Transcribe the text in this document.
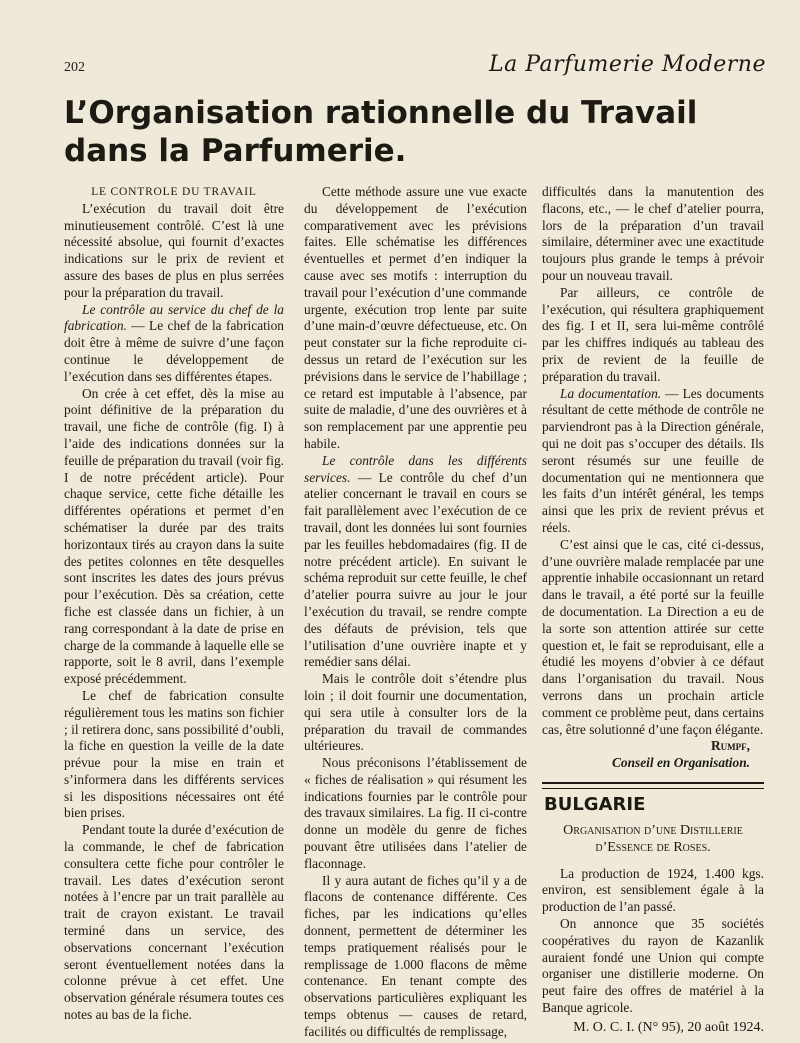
202	La Parfumerie Moderne
L’Organisation rationnelle du Travail
dans la Parfumerie.

LE CONTROLE DU TRAVAIL

L’exécution du travail doit être minutieusement contrôlé. C’est là une nécessité absolue, qui fournit d’exactes indications sur le prix de revient et assure des bases de plus en plus serrées pour la préparation du travail.

Le contrôle au service du chef de la fabrication. — Le chef de la fabrication doit être à même de suivre d’une façon continue le développement de l’exécution dans ses différentes étapes.

On crée à cet effet, dès la mise au point définitive de la préparation du travail, une fiche de contrôle (fig. I) à l’aide des indications données sur la feuille de préparation du travail (voir fig. I de notre précédent article). Pour chaque service, cette fiche détaille les différentes opérations et permet d’en schématiser la durée par des traits horizontaux tirés au crayon dans la suite des petites colonnes en tête desquelles sont inscrites les dates des jours prévus pour l’exécution. Dès sa création, cette fiche est classée dans un fichier, à un rang correspondant à la date de prise en charge de la commande à laquelle elle se rapporte, soit le 8 avril, dans l’exemple exposé précédemment.

Le chef de fabrication consulte régulièrement tous les matins son fichier ; il retirera donc, sans possibilité d’oubli, la fiche en question la veille de la date prévue pour la mise en train et s’informera dans les différents services si les dispositions nécessaires ont été bien prises.

Pendant toute la durée d’exécution de la commande, le chef de fabrication consultera cette fiche pour contrôler le travail. Les dates d’exécution seront notées à l’encre par un trait parallèle au trait de crayon existant. Le travail terminé dans un service, des observations concernant l’exécution seront éventuellement notées dans la colonne prévue à cet effet. Une observation générale résumera toutes ces notes au bas de la fiche.

Cette méthode assure une vue exacte du développement de l’exécution comparativement avec les prévisions faites. Elle schématise les différences éventuelles et permet d’en indiquer la cause avec ses motifs : interruption du travail pour l’exécution d’une commande urgente, exécution trop lente par suite d’une main-d’œuvre défectueuse, etc. On peut constater sur la fiche reproduite ci-dessus un retard de l’exécution sur les prévisions dans le service de l’habillage ; ce retard est imputable à l’absence, par suite de maladie, d’une des ouvrières et à son remplacement par une apprentie peu habile.

Le contrôle dans les différents services. — Le contrôle du chef d’un atelier concernant le travail en cours se fait parallèlement avec l’exécution de ce travail, dont les données lui sont fournies par les feuilles hebdomadaires (fig. II de notre précédent article). En suivant le schéma reproduit sur cette feuille, le chef d’atelier pourra suivre au jour le jour l’exécution du travail, se rendre compte des défauts de prévision, tels que l’utilisation d’une ouvrière inapte et y remédier sans délai.

Mais le contrôle doit s’étendre plus loin ; il doit fournir une documentation, qui sera utile à consulter lors de la préparation du travail de commandes ultérieures.

Nous préconisons l’établissement de « fiches de réalisation » qui résument les indications fournies par le contrôle pour des travaux similaires. La fig. II ci-contre donne un modèle du genre de fiches pouvant être utilisées dans l’atelier de flaconnage.

Il y aura autant de fiches qu’il y a de flacons de contenance différente. Ces fiches, par les indications qu’elles donnent, permettent de déterminer les temps pratiquement réalisés pour le remplissage de 1.000 flacons de même contenance. En tenant compte des observations particulières expliquant les temps obtenus — causes de retard, facilités ou difficultés de remplissage,

difficultés dans la manutention des flacons, etc., — le chef d’atelier pourra, lors de la préparation d’un travail similaire, déterminer avec une exactitude toujours plus grande le temps à prévoir pour un nouveau travail.

Par ailleurs, ce contrôle de l’exécution, qui résultera graphiquement des fig. I et II, sera lui-même contrôlé par les chiffres indiqués au tableau des prix de revient de la feuille de préparation du travail.

La documentation. — Les documents résultant de cette méthode de contrôle ne parviendront pas à la Direction générale, qui ne doit pas s’occuper des détails. Ils seront résumés sur une feuille de documentation qui ne mentionnera que les faits d’un intérêt général, les temps ainsi que les prix de revient prévus et réels.

C’est ainsi que le cas, cité ci-dessus, d’une ouvrière malade remplacée par une apprentie inhabile occasionnant un retard dans le travail, a été porté sur la feuille de documentation. La Direction a eu de la sorte son attention attirée sur cette question et, le fait se reproduisant, elle a étudié les moyens d’obvier à ce défaut dans l’organisation du travail. Nous verrons dans un prochain article comment ce problème peut, dans certains cas, être solutionné d’une façon élégante.

Rumpf,
Conseil en Organisation.
BULGARIE
Organisation d’une Distillerie
d’Essence de Roses.

La production de 1924, 1.400 kgs. environ, est sensiblement égale à la production de l’an passé.

On annonce que 35 sociétés coopératives du rayon de Kazanlik auraient fondé une Union qui compte organiser une distillerie moderne. On peut faire des offres de matériel à la Banque agricole.

M. O. C. I. (N° 95), 20 août 1924.
